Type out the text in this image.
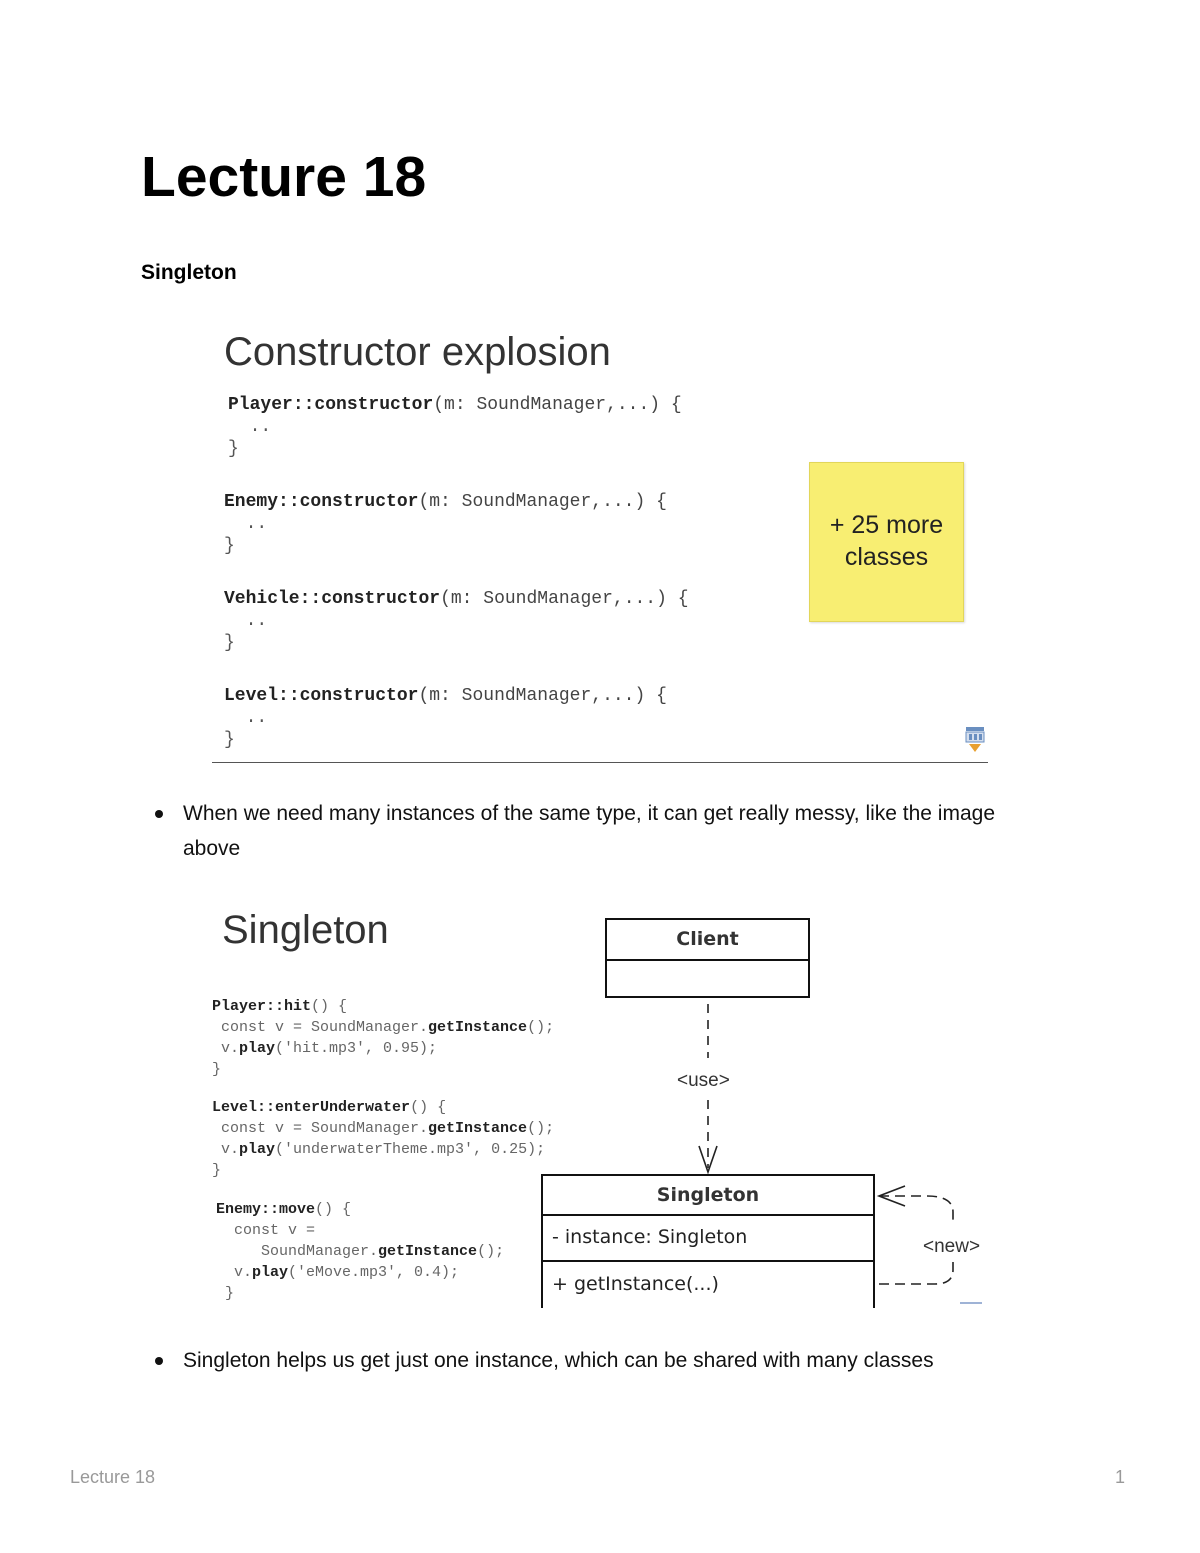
Lecture 18
Singleton
Constructor explosion
Player::constructor(m: SoundManager,...) {
..
}
Enemy::constructor(m: SoundManager,...) {
..
}
Vehicle::constructor(m: SoundManager,...) {
..
}
Level::constructor(m: SoundManager,...) {
..
}
+ 25 more classes
When we need many instances of the same type, it can get really messy, like the image above
Singleton
Player::hit() {
const v = SoundManager.getInstance();
v.play('hit.mp3', 0.95);
}
Level::enterUnderwater() {
const v = SoundManager.getInstance();
v.play('underwaterTheme.mp3', 0.25);
}
Enemy::move() {
const v =
SoundManager.getInstance();
v.play('eMove.mp3', 0.4);
}
Client
<use>
Singleton
- instance: Singleton
+ getInstance(...)
<new>
Singleton helps us get just one instance, which can be shared with many classes
Lecture 18	1
